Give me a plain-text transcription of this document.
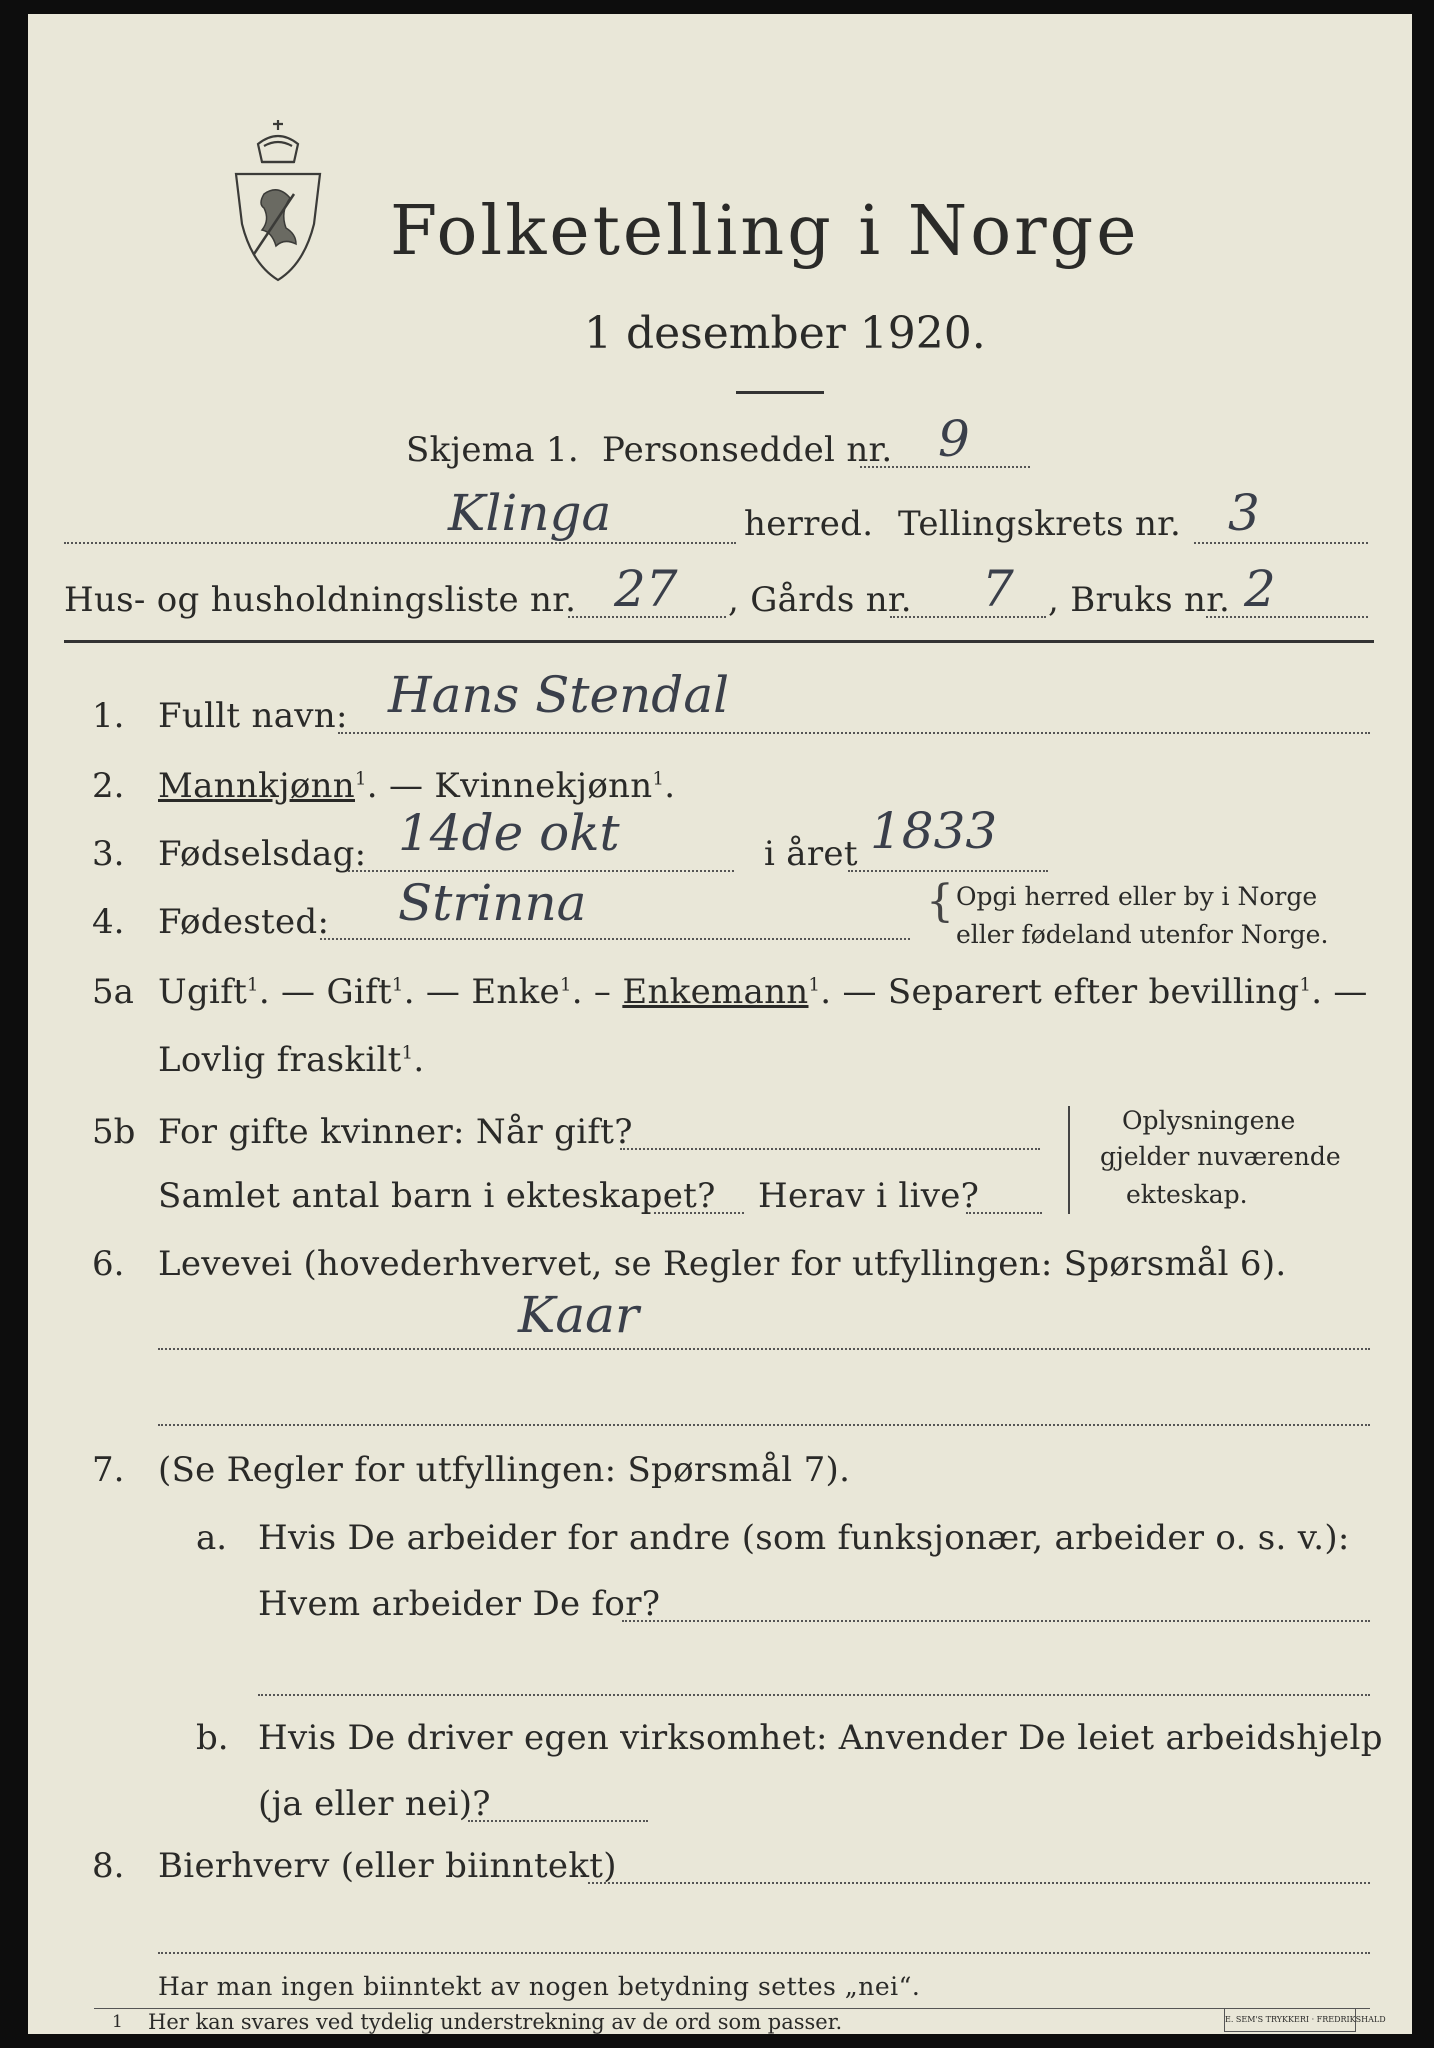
Folketelling i Norge
1 desember 1920.
Skjema 1. Personseddel nr. 9
Klinga	herred. Tellingskrets nr. 3
Hus- og husholdningsliste nr. 27 , Gårds nr. 7 , Bruks nr. 2
1. Fullt navn: Hans Stendal
2. Mannkjønn$^1$. — Kvinnekjønn$^1$.
3. Fødselsdag: 14de okt	i året 1833
4. Fødested: Strinna	{ Opgi herred eller by i Norge
eller fødeland utenfor Norge.
5a Ugift$^1$. — Gift$^1$. — Enke$^1$. – Enkemann$^1$. — Separert efter bevilling$^1$. —
Lovlig fraskilt$^1$.
5b For gifte kvinner: Når gift?
Samlet antal barn i ekteskapet? Herav i live?
Oplysningene
gjelder nuværende
ekteskap.
6. Levevei (hovederhvervet, se Regler for utfyllingen: Spørsmål 6).
Kaar
7. (Se Regler for utfyllingen: Spørsmål 7).
a. Hvis De arbeider for andre (som funksjonær, arbeider o. s. v.):
Hvem arbeider De for?
b. Hvis De driver egen virksomhet: Anvender De leiet arbeidshjelp
(ja eller nei)?
8. Bierhverv (eller biinntekt)
Har man ingen biinntekt av nogen betydning settes „nei“.
1 Her kan svares ved tydelig understrekning av de ord som passer.	E. SEM'S TRYKKERI · FREDRIKSHALD
